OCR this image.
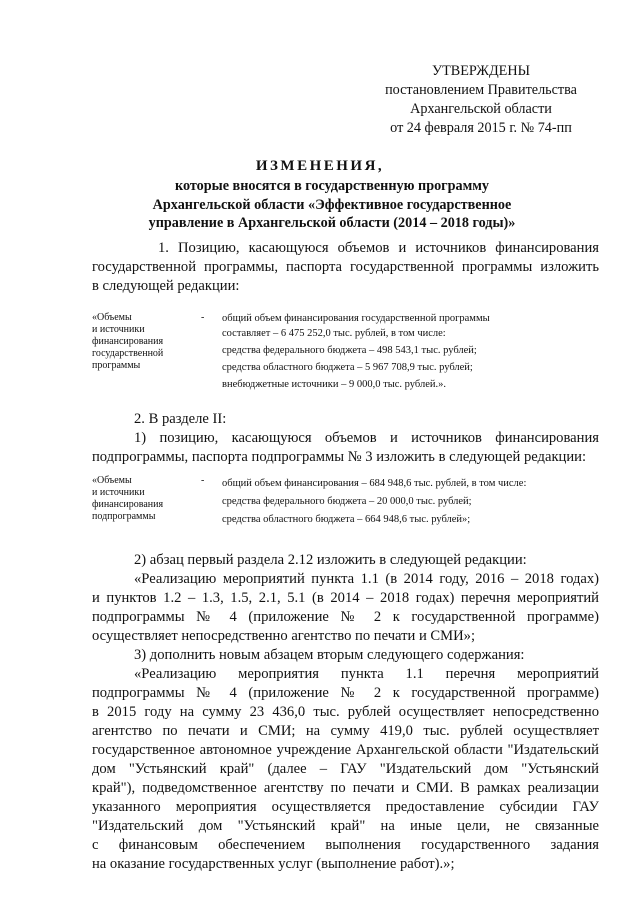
УТВЕРЖДЕНЫ
постановлением Правительства
Архангельской области
от 24 февраля 2015 г. № 74-пп
ИЗМЕНЕНИЯ,
которые вносятся в государственную программу
Архангельской области «Эффективное государственное
управление в Архангельской области (2014 – 2018 годы)»
1. Позицию, касающуюся объемов и источников финансирования
государственной программы, паспорта государственной программы изложить
в следующей редакции:
«Объемы
и источники
финансирования
государственной
программы
- общий объем финансирования государственной программы
составляет – 6 475 252,0 тыс. рублей, в том числе:
средства федерального бюджета – 498 543,1 тыс. рублей;
средства областного бюджета – 5 967 708,9 тыс. рублей;
внебюджетные источники – 9 000,0 тыс. рублей.».
2. В разделе II:
1) позицию, касающуюся объемов и источников финансирования
подпрограммы, паспорта подпрограммы № 3 изложить в следующей редакции:
«Объемы
и источники
финансирования
подпрограммы
- общий объем финансирования – 684 948,6 тыс. рублей, в том числе:
средства федерального бюджета – 20 000,0 тыс. рублей;
средства областного бюджета – 664 948,6 тыс. рублей»;
2) абзац первый раздела 2.12 изложить в следующей редакции:
«Реализацию мероприятий пункта 1.1 (в 2014 году, 2016 – 2018 годах)
и пунктов 1.2 – 1.3, 1.5, 2.1, 5.1 (в 2014 – 2018 годах) перечня мероприятий
подпрограммы № 4 (приложение № 2 к государственной программе)
осуществляет непосредственно агентство по печати и СМИ»;
3) дополнить новым абзацем вторым следующего содержания:
«Реализацию мероприятия пункта 1.1 перечня мероприятий
подпрограммы № 4 (приложение № 2 к государственной программе)
в 2015 году на сумму 23 436,0 тыс. рублей осуществляет непосредственно
агентство по печати и СМИ; на сумму 419,0 тыс. рублей осуществляет
государственное автономное учреждение Архангельской области "Издательский
дом "Устьянский край" (далее – ГАУ "Издательский дом "Устьянский
край"), подведомственное агентству по печати и СМИ. В рамках реализации
указанного мероприятия осуществляется предоставление субсидии ГАУ
"Издательский дом "Устьянский край" на иные цели, не связанные
с финансовым обеспечением выполнения государственного задания
на оказание государственных услуг (выполнение работ).»;
